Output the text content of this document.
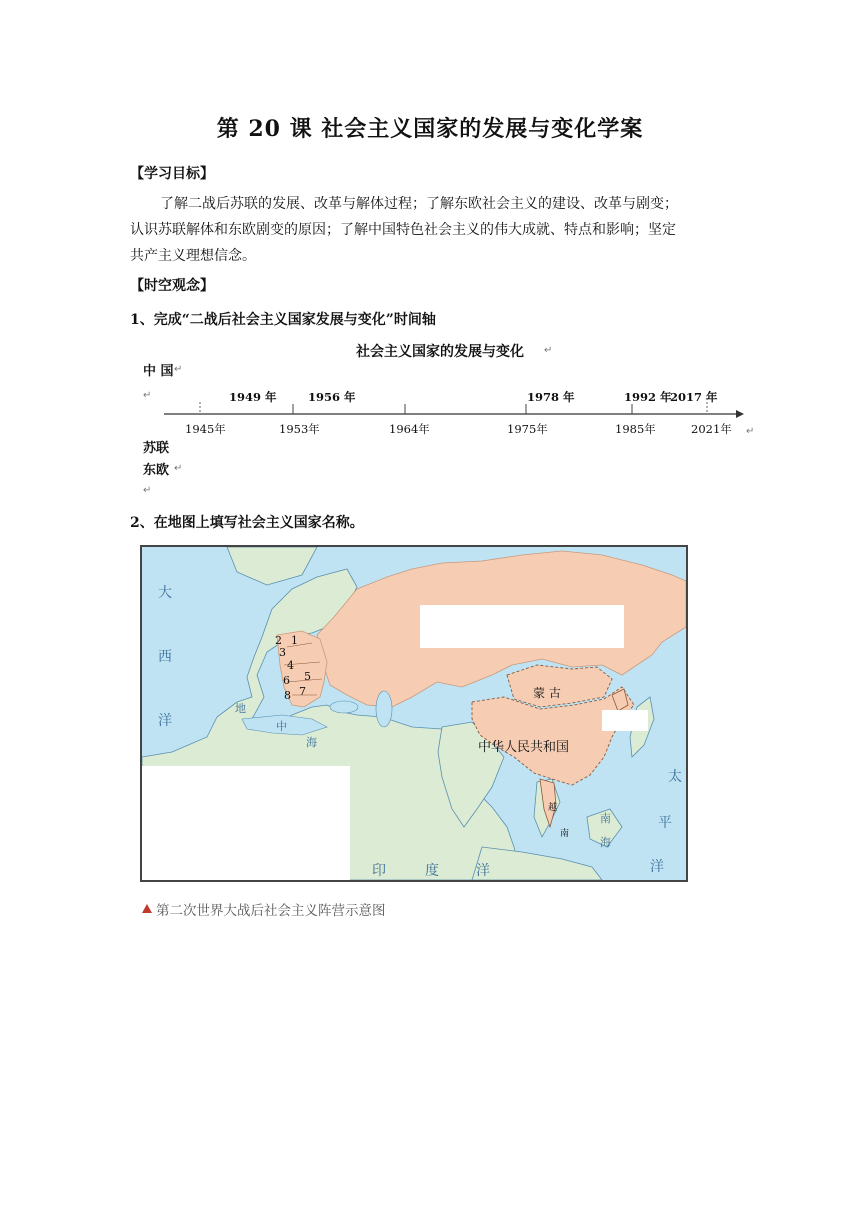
第 20 课 社会主义国家的发展与变化学案
【学习目标】
了解二战后苏联的发展、改革与解体过程；了解东欧社会主义的建设、改革与剧变；
认识苏联解体和东欧剧变的原因；了解中国特色社会主义的伟大成就、特点和影响；坚定
共产主义理想信念。
【时空观念】
1、完成“二战后社会主义国家发展与变化”时间轴
社会主义国家的发展与变化 ↵
中 国 ↵
↵	1949 年	1956 年	1978 年	1992 年
2017 年
1945年	1953年	1964年	1975年	1985年	2021年 ↵
苏联
东欧 ↵
↵
2、在地图上填写社会主义国家名称。
2 1
3
4
5
6
7
8
大
西
洋
太
平
洋
印	度	洋
蒙 古
中华人民共和国
越
南
地
中
海
南
海
第二次世界大战后社会主义阵营示意图
